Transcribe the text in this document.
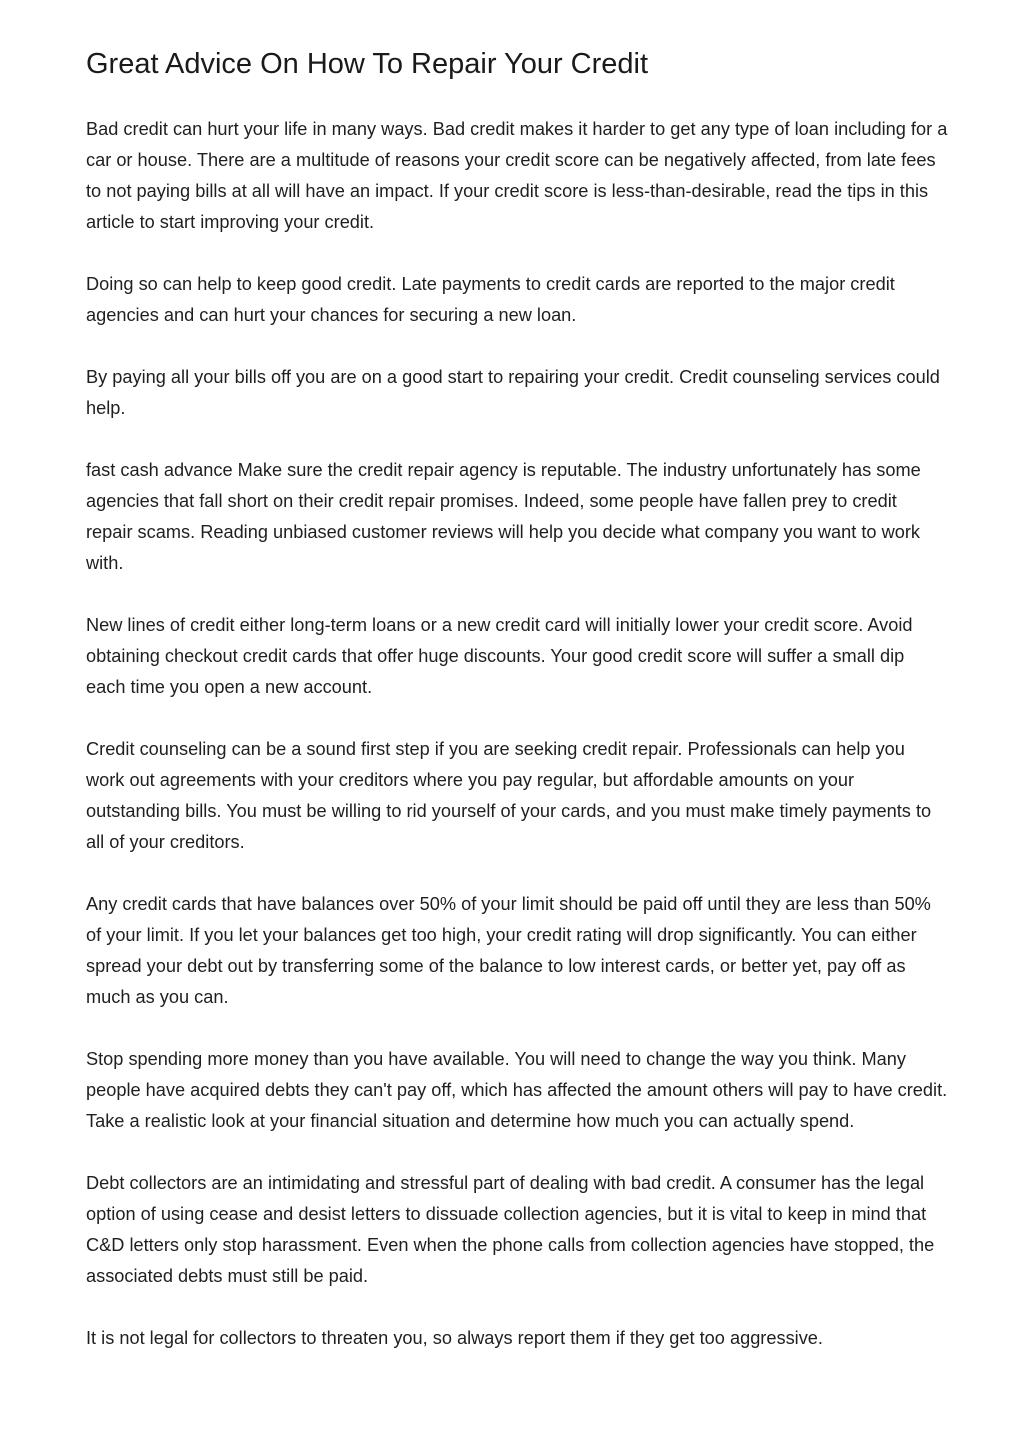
Great Advice On How To Repair Your Credit

Bad credit can hurt your life in many ways. Bad credit makes it harder to get any type of loan including for a car or house. There are a multitude of reasons your credit score can be negatively affected, from late fees to not paying bills at all will have an impact. If your credit score is less-than-desirable, read the tips in this article to start improving your credit.

Doing so can help to keep good credit. Late payments to credit cards are reported to the major credit agencies and can hurt your chances for securing a new loan.

By paying all your bills off you are on a good start to repairing your credit. Credit counseling services could help.

fast cash advance Make sure the credit repair agency is reputable. The industry unfortunately has some agencies that fall short on their credit repair promises. Indeed, some people have fallen prey to credit repair scams. Reading unbiased customer reviews will help you decide what company you want to work with.

New lines of credit either long-term loans or a new credit card will initially lower your credit score. Avoid obtaining checkout credit cards that offer huge discounts. Your good credit score will suffer a small dip each time you open a new account.

Credit counseling can be a sound first step if you are seeking credit repair. Professionals can help you work out agreements with your creditors where you pay regular, but affordable amounts on your outstanding bills. You must be willing to rid yourself of your cards, and you must make timely payments to all of your creditors.

Any credit cards that have balances over 50% of your limit should be paid off until they are less than 50% of your limit. If you let your balances get too high, your credit rating will drop significantly. You can either spread your debt out by transferring some of the balance to low interest cards, or better yet, pay off as much as you can.

Stop spending more money than you have available. You will need to change the way you think. Many people have acquired debts they can't pay off, which has affected the amount others will pay to have credit. Take a realistic look at your financial situation and determine how much you can actually spend.

Debt collectors are an intimidating and stressful part of dealing with bad credit. A consumer has the legal option of using cease and desist letters to dissuade collection agencies, but it is vital to keep in mind that C&D letters only stop harassment. Even when the phone calls from collection agencies have stopped, the associated debts must still be paid.

It is not legal for collectors to threaten you, so always report them if they get too aggressive.
